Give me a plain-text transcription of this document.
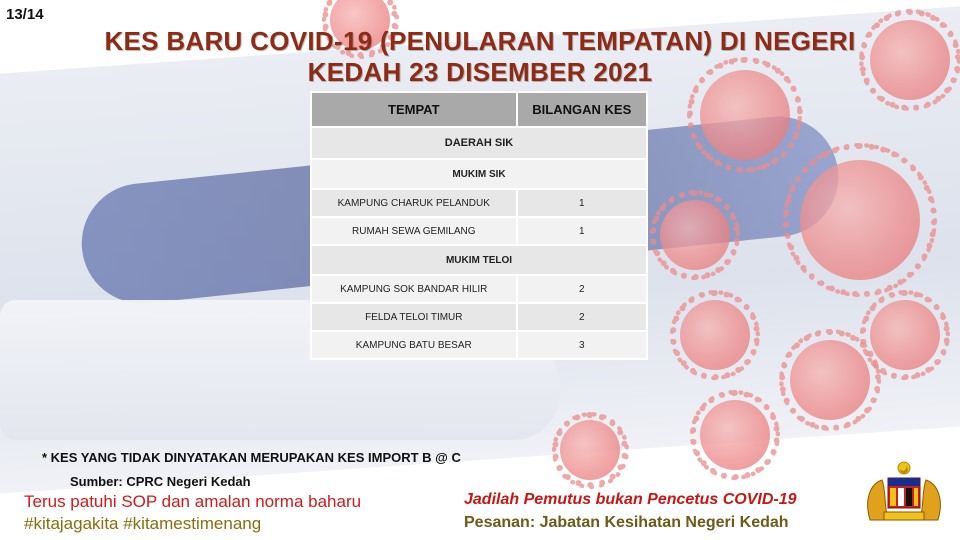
13/14
KES BARU COVID-19 (PENULARAN TEMPATAN) DI NEGERI
KEDAH 23 DISEMBER 2021
TEMPAT	BILANGAN KES
DAERAH SIK	
MUKIM SIK	
KAMPUNG CHARUK PELANDUK	1
RUMAH SEWA GEMILANG	1
MUKIM TELOI	
KAMPUNG SOK BANDAR HILIR	2
FELDA TELOI TIMUR	2
KAMPUNG BATU BESAR	3
* KES YANG TIDAK DINYATAKAN MERUPAKAN KES IMPORT B @ C
Sumber: CPRC Negeri Kedah
Terus patuhi SOP dan amalan norma baharu
#kitajagakita #kitamestimenang
Jadilah Pemutus bukan Pencetus COVID-19
Pesanan: Jabatan Kesihatan Negeri Kedah
